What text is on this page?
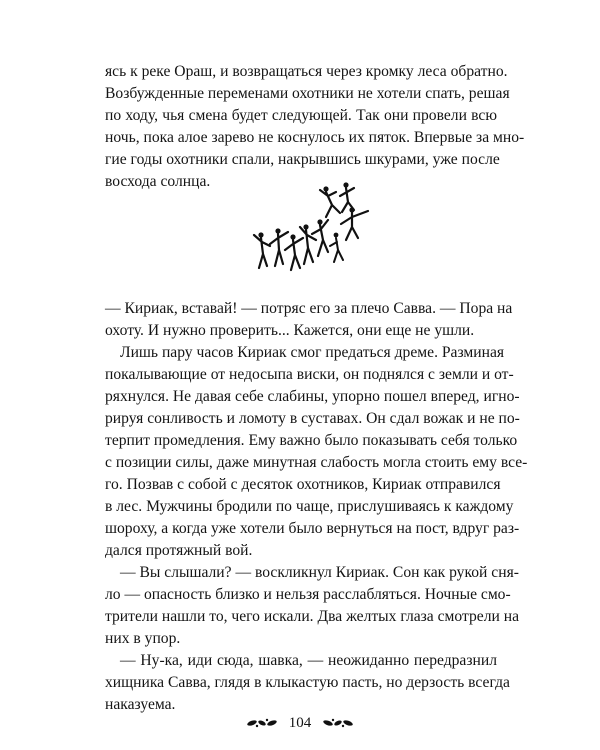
ясь к реке Ораш, и возвращаться через кромку леса обратно.
Возбужденные переменами охотники не хотели спать, решая
по ходу, чья смена будет следующей. Так они провели всю
ночь, пока алое зарево не коснулось их пяток. Впервые за мно-
гие годы охотники спали, накрывшись шкурами, уже после
восхода солнца.
— Кириак, вставай! — потряс его за плечо Савва. — Пора на
охоту. И нужно проверить... Кажется, они еще не ушли.
Лишь пару часов Кириак смог предаться дреме. Разминая
покалывающие от недосыпа виски, он поднялся с земли и от-
ряхнулся. Не давая себе слабины, упорно пошел вперед, игно-
рируя сонливость и ломоту в суставах. Он сдал вожак и не по-
терпит промедления. Ему важно было показывать себя только
с позиции силы, даже минутная слабость могла стоить ему все-
го. Позвав с собой с десяток охотников, Кириак отправился
в лес. Мужчины бродили по чаще, прислушиваясь к каждому
шороху, а когда уже хотели было вернуться на пост, вдруг раз-
дался протяжный вой.
— Вы слышали? — воскликнул Кириак. Сон как рукой сня-
ло — опасность близко и нельзя расслабляться. Ночные смо-
трители нашли то, чего искали. Два желтых глаза смотрели на
них в упор.
— Ну-ка, иди сюда, шавка, — неожиданно передразнил
хищника Савва, глядя в клыкастую пасть, но дерзость всегда
наказуема.
104
